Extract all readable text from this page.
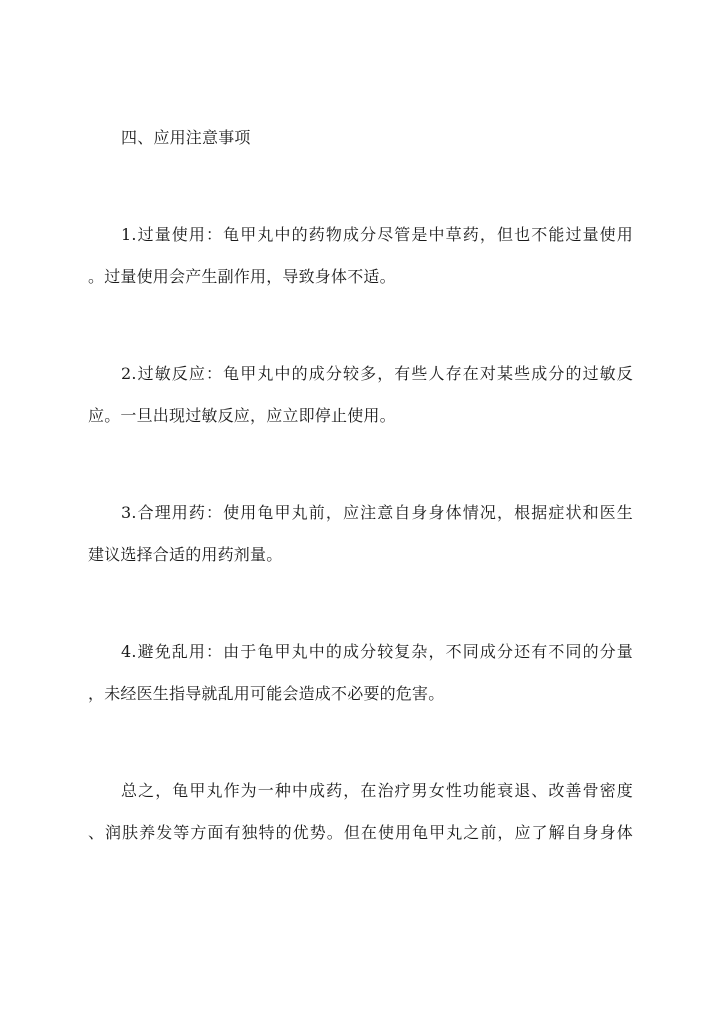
四、应用注意事项
1.过量使用：龟甲丸中的药物成分尽管是中草药，但也不能过量使用
。过量使用会产生副作用，导致身体不适。
2.过敏反应：龟甲丸中的成分较多，有些人存在对某些成分的过敏反
应。一旦出现过敏反应，应立即停止使用。
3.合理用药：使用龟甲丸前，应注意自身身体情况，根据症状和医生
建议选择合适的用药剂量。
4.避免乱用：由于龟甲丸中的成分较复杂，不同成分还有不同的分量
，未经医生指导就乱用可能会造成不必要的危害。
总之，龟甲丸作为一种中成药，在治疗男女性功能衰退、改善骨密度
、润肤养发等方面有独特的优势。但在使用龟甲丸之前，应了解自身身体
